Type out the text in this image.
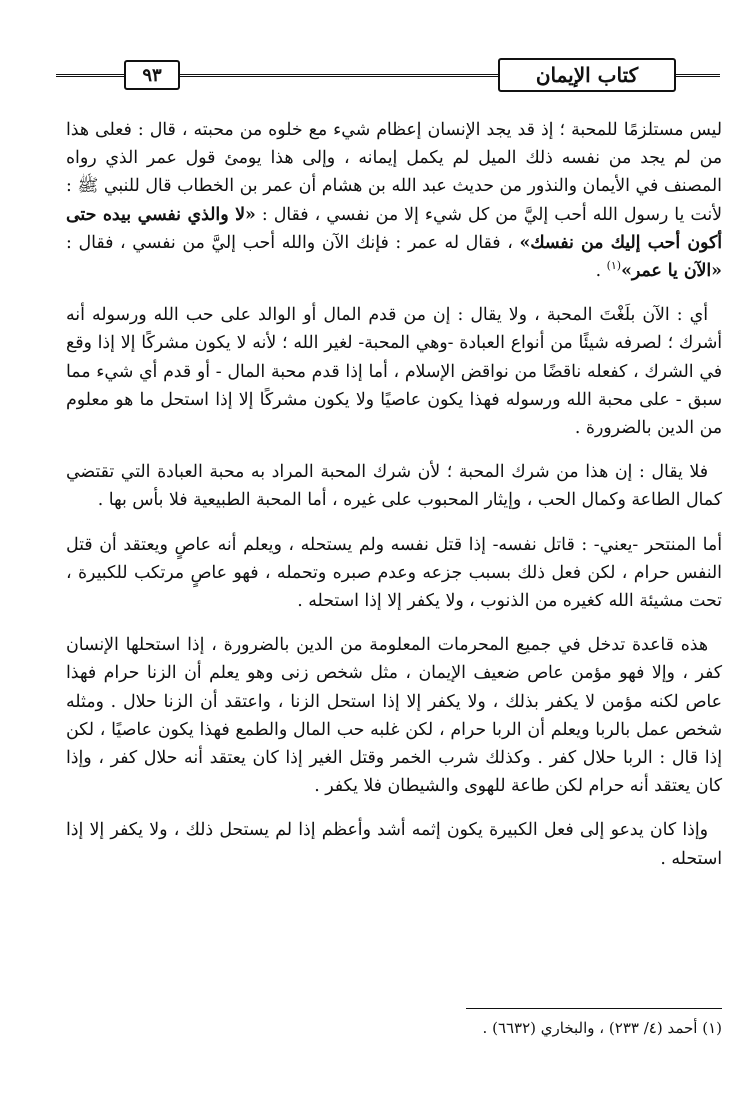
٩٣	كتاب الإيمان

ليس مستلزمًا للمحبة ؛ إذ قد يجد الإنسان إعظام شيء مع خلوه من محبته ، قال : فعلى هذا من لم يجد من نفسه ذلك الميل لم يكمل إيمانه ، وإلى هذا يومئ قول عمر الذي رواه المصنف في الأيمان والنذور من حديث عبد الله بن هشام أن عمر بن الخطاب قال للنبي ﷺ : لأنت يا رسول الله أحب إليَّ من كل شيء إلا من نفسي ، فقال : «لا والذي نفسي بيده حتى أكون أحب إليك من نفسك» ، فقال له عمر : فإنك الآن والله أحب إليَّ من نفسي ، فقال : «الآن يا عمر»$^{(١)}$ .

أي : الآن بلَغْتَ المحبة ، ولا يقال : إن من قدم المال أو الوالد على حب الله ورسوله أنه أشرك ؛ لصرفه شيئًا من أنواع العبادة -وهي المحبة- لغير الله ؛ لأنه لا يكون مشركًا إلا إذا وقع في الشرك ، كفعله ناقضًا من نواقض الإسلام ، أما إذا قدم محبة المال - أو قدم أي شيء مما سبق - على محبة الله ورسوله فهذا يكون عاصيًا ولا يكون مشركًا إلا إذا استحل ما هو معلوم من الدين بالضرورة .

فلا يقال : إن هذا من شرك المحبة ؛ لأن شرك المحبة المراد به محبة العبادة التي تقتضي كمال الطاعة وكمال الحب ، وإيثار المحبوب على غيره ، أما المحبة الطبيعية فلا بأس بها .

أما المنتحر -يعني- : قاتل نفسه- إذا قتل نفسه ولم يستحله ، ويعلم أنه عاصٍ ويعتقد أن قتل النفس حرام ، لكن فعل ذلك بسبب جزعه وعدم صبره وتحمله ، فهو عاصٍ مرتكب للكبيرة ، تحت مشيئة الله كغيره من الذنوب ، ولا يكفر إلا إذا استحله .

هذه قاعدة تدخل في جميع المحرمات المعلومة من الدين بالضرورة ، إذا استحلها الإنسان كفر ، وإلا فهو مؤمن عاص ضعيف الإيمان ، مثل شخص زنى وهو يعلم أن الزنا حرام فهذا عاص لكنه مؤمن لا يكفر بذلك ، ولا يكفر إلا إذا استحل الزنا ، واعتقد أن الزنا حلال . ومثله شخص عمل بالربا ويعلم أن الربا حرام ، لكن غلبه حب المال والطمع فهذا يكون عاصيًا ، لكن إذا قال : الربا حلال كفر . وكذلك شرب الخمر وقتل الغير إذا كان يعتقد أنه حلال كفر ، وإذا كان يعتقد أنه حرام لكن طاعة للهوى والشيطان فلا يكفر .

وإذا كان يدعو إلى فعل الكبيرة يكون إثمه أشد وأعظم إذا لم يستحل ذلك ، ولا يكفر إلا إذا استحله .

(١) أحمد (٤/ ٢٣٣) ، والبخاري (٦٦٣٢) .
